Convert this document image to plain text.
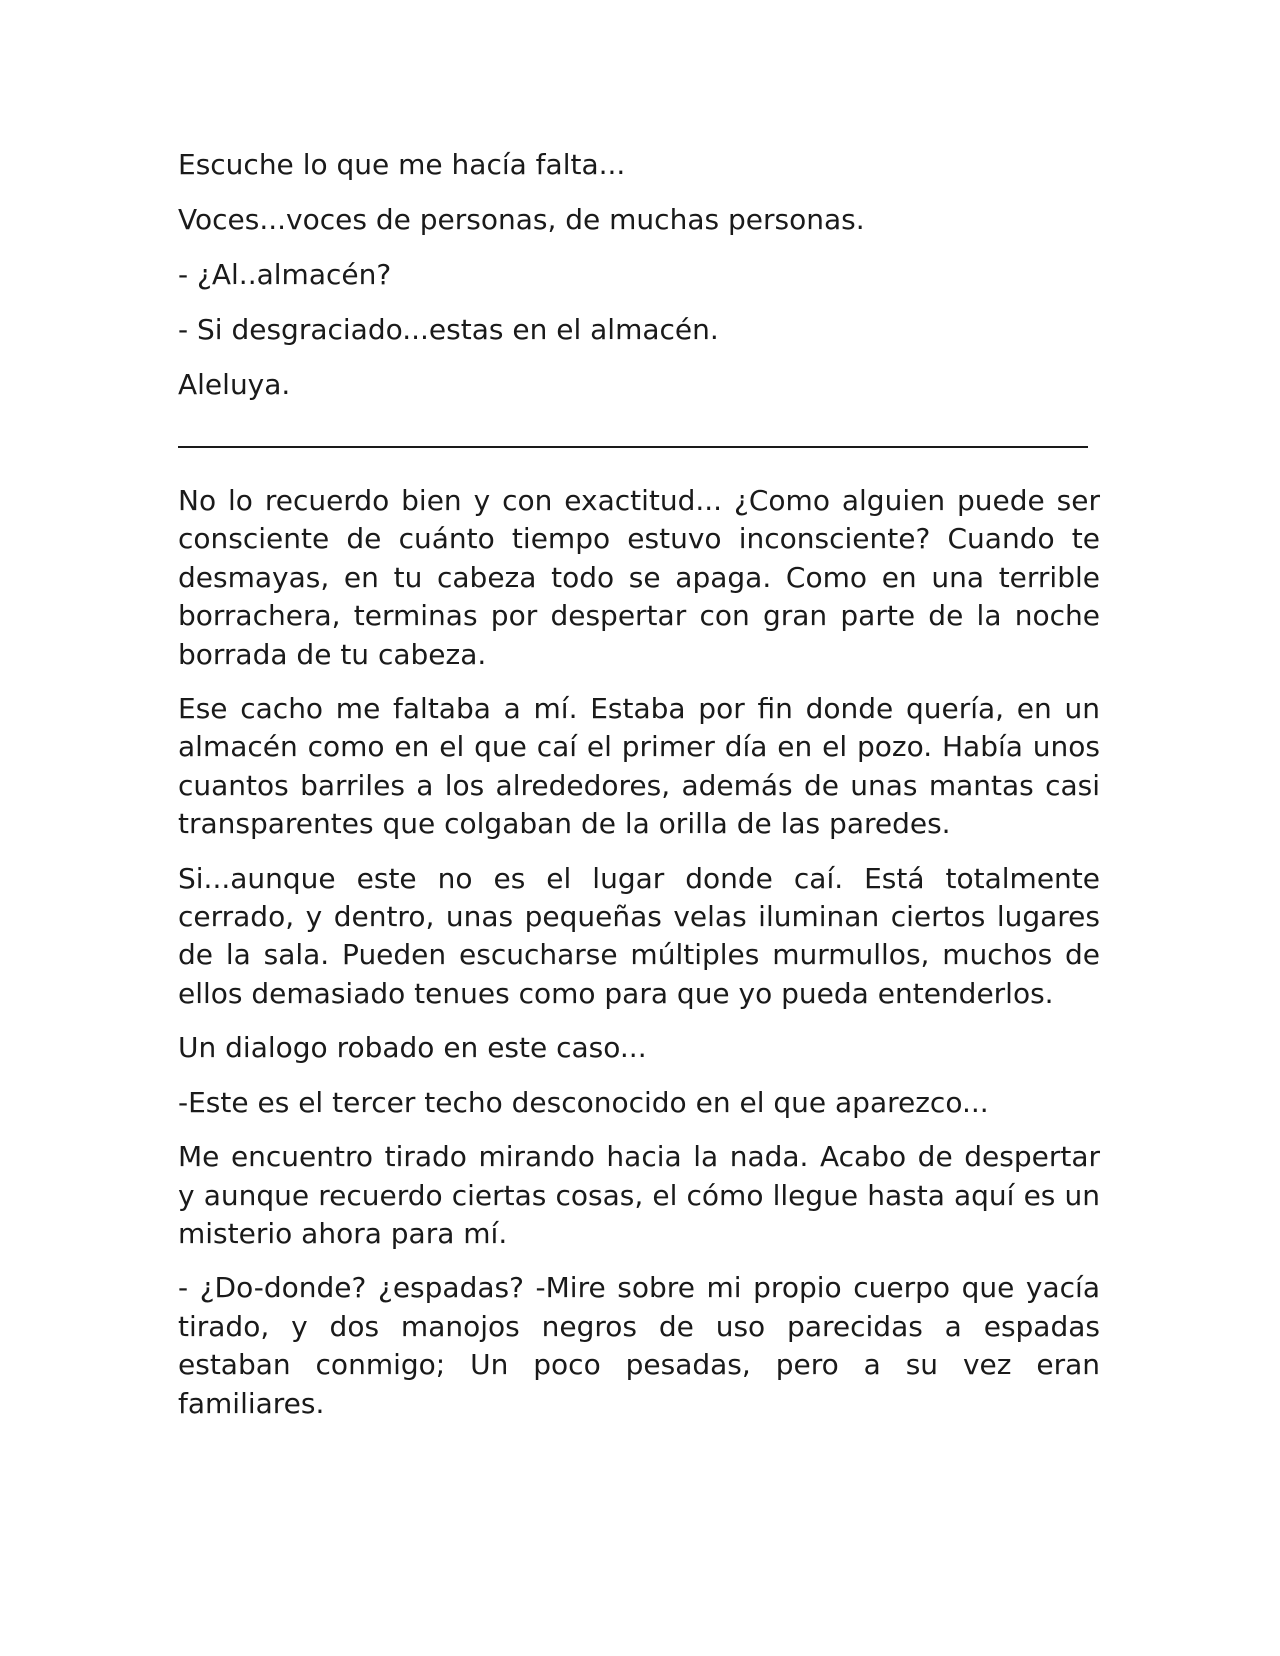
Escuche lo que me hacía falta...

Voces...voces de personas, de muchas personas.

- ¿Al..almacén?

- Si desgraciado...estas en el almacén.

Aleluya.

No lo recuerdo bien y con exactitud... ¿Como alguien puede ser consciente de cuánto tiempo estuvo inconsciente? Cuando te desmayas, en tu cabeza todo se apaga. Como en una terrible borrachera, terminas por despertar con gran parte de la noche borrada de tu cabeza.

Ese cacho me faltaba a mí. Estaba por fin donde quería, en un almacén como en el que caí el primer día en el pozo. Había unos cuantos barriles a los alrededores, además de unas mantas casi transparentes que colgaban de la orilla de las paredes.

Si...aunque este no es el lugar donde caí. Está totalmente cerrado, y dentro, unas pequeñas velas iluminan ciertos lugares de la sala. Pueden escucharse múltiples murmullos, muchos de ellos demasiado tenues como para que yo pueda entenderlos.

Un dialogo robado en este caso...

-Este es el tercer techo desconocido en el que aparezco...

Me encuentro tirado mirando hacia la nada. Acabo de despertar y aunque recuerdo ciertas cosas, el cómo llegue hasta aquí es un misterio ahora para mí.

- ¿Do-donde? ¿espadas? -Mire sobre mi propio cuerpo que yacía tirado, y dos manojos negros de uso parecidas a espadas estaban conmigo; Un poco pesadas, pero a su vez eran familiares.
